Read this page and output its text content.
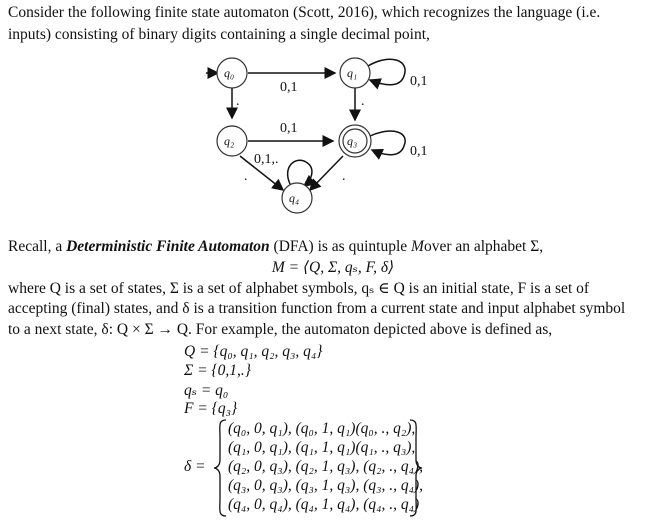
Consider the following finite state automaton (Scott, 2016), which recognizes the language (i.e.
inputs) consisting of binary digits containing a single decimal point,
0,1	0,1
.	.
0,1
0,1
.
0,1,.
.
q₀	q₁
q₂	q₃
q₄
Recall, a Deterministic Finite Automaton (DFA) is as quintuple Mover an alphabet Σ,
M = ⟨Q, Σ, qₛ, F, δ⟩
where Q is a set of states, Σ is a set of alphabet symbols, qₛ ∈ Q is an initial state, F is a set of
accepting (final) states, and δ is a transition function from a current state and input alphabet symbol
to a next state, δ: Q × Σ → Q. For example, the automaton depicted above is defined as,
Q = {q₀, q₁, q₂, q₃, q₄}
Σ = {0,1,.}
qₛ = q₀
F = {q₃}
δ =
(q₀, 0, q₁), (q₀, 1, q₁)(q₀, ., q₂),
(q₁, 0, q₁), (q₁, 1, q₁)(q₁, ., q₃),
(q₂, 0, q₃), (q₂, 1, q₃), (q₂, ., q₄),
(q₃, 0, q₃), (q₃, 1, q₃), (q₃, ., q₄),
(q₄, 0, q₄), (q₄, 1, q₄), (q₄, ., q₄)
